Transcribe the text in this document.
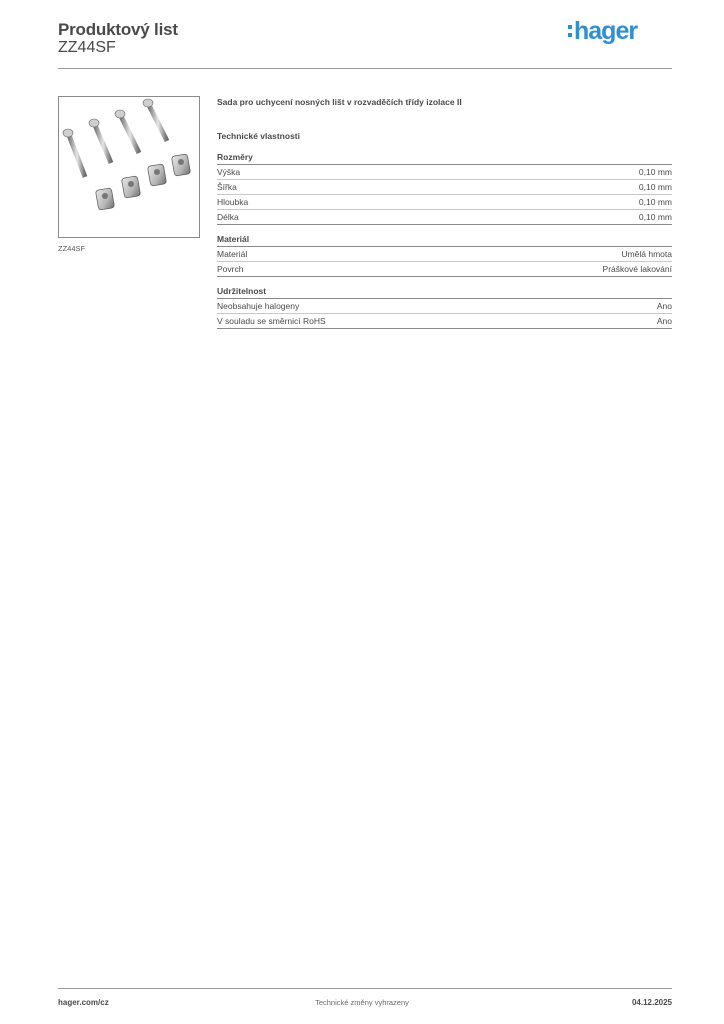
Produktový list
ZZ44SF
hager
ZZ44SF
Sada pro uchycení nosných lišt v rozvaděčích třídy izolace II
Technické vlastnosti
Rozměry
Výška	0,10 mm
Šířka	0,10 mm
Hloubka	0,10 mm
Délka	0,10 mm
Materiál
Materiál	Umělá hmota
Povrch	Práškové lakování
Udržitelnost
Neobsahuje halogeny	Ano
V souladu se směrnicí RoHS	Ano
hager.com/cz	Technické změny vyhrazeny	04.12.2025
